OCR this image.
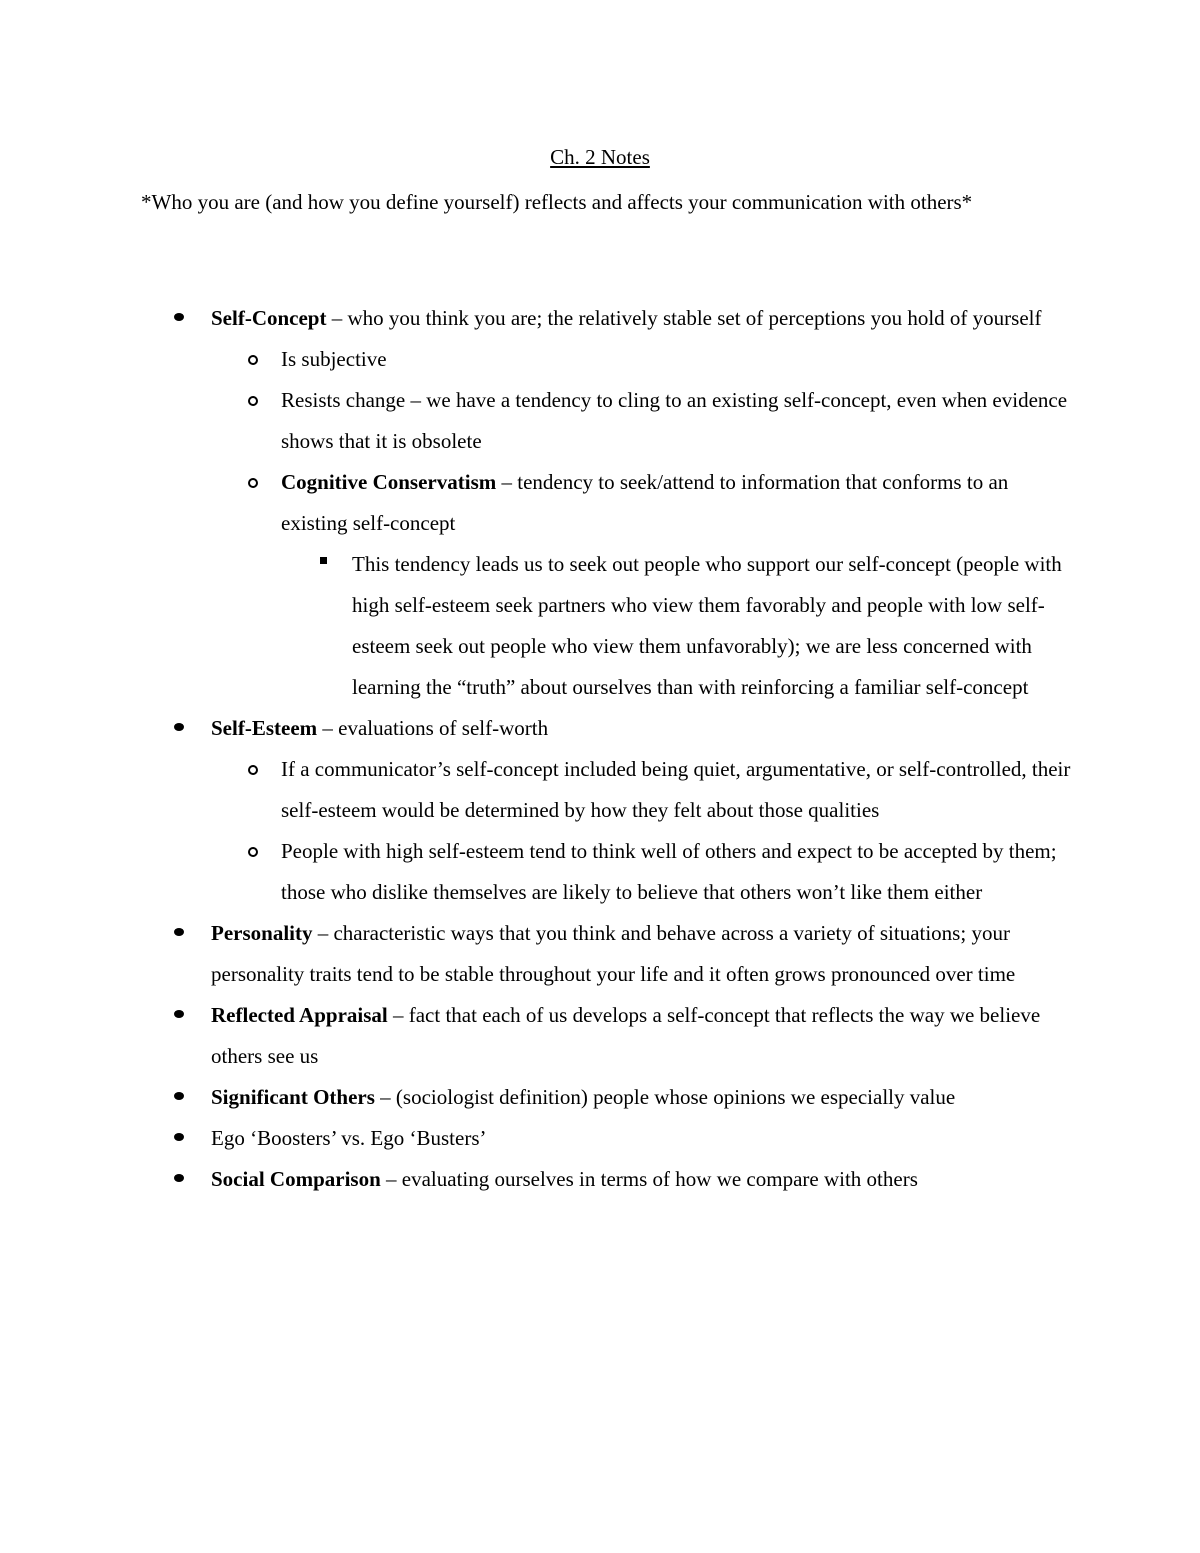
Ch. 2 Notes
*Who you are (and how you define yourself) reflects and affects your communication with others*
Self-Concept – who you think you are; the relatively stable set of perceptions you hold of yourself
Is subjective
Resists change – we have a tendency to cling to an existing self-concept, even when evidence shows that it is obsolete
Cognitive Conservatism – tendency to seek/attend to information that conforms to an existing self-concept
This tendency leads us to seek out people who support our self-concept (people with high self-esteem seek partners who view them favorably and people with low self-esteem seek out people who view them unfavorably); we are less concerned with learning the “truth” about ourselves than with reinforcing a familiar self-concept
Self-Esteem – evaluations of self-worth
If a communicator’s self-concept included being quiet, argumentative, or self-controlled, their self-esteem would be determined by how they felt about those qualities
People with high self-esteem tend to think well of others and expect to be accepted by them; those who dislike themselves are likely to believe that others won’t like them either
Personality – characteristic ways that you think and behave across a variety of situations; your personality traits tend to be stable throughout your life and it often grows pronounced over time
Reflected Appraisal – fact that each of us develops a self-concept that reflects the way we believe others see us
Significant Others – (sociologist definition) people whose opinions we especially value
Ego ‘Boosters’ vs. Ego ‘Busters’
Social Comparison – evaluating ourselves in terms of how we compare with others
